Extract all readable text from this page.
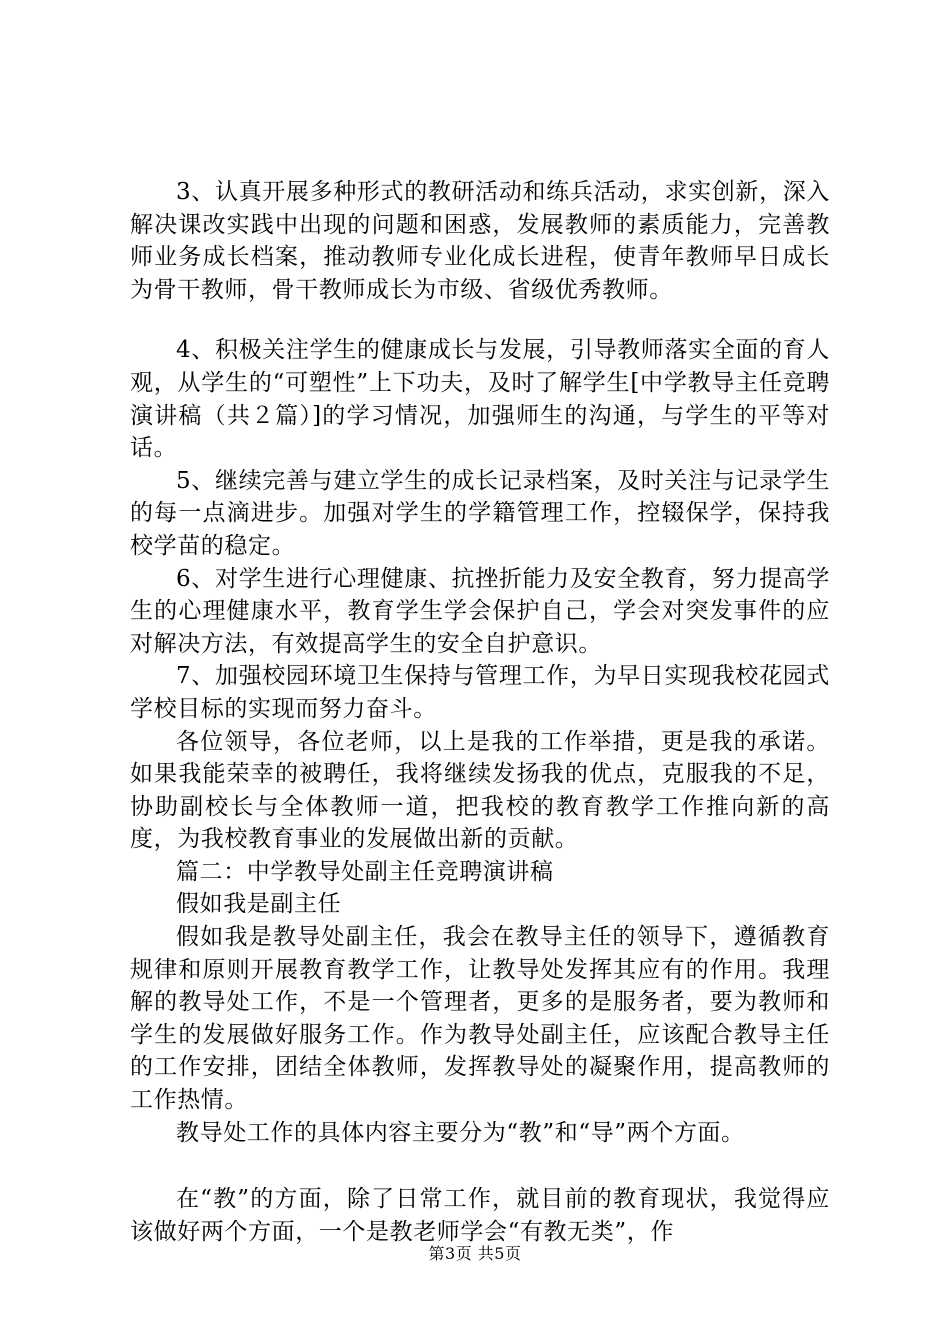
3、认真开展多种形式的教研活动和练兵活动，求实创新，深入解决课改实践中出现的问题和困惑，发展教师的素质能力，完善教师业务成长档案，推动教师专业化成长进程，使青年教师早日成长为骨干教师，骨干教师成长为市级、省级优秀教师。

4、积极关注学生的健康成长与发展，引导教师落实全面的育人观，从学生的“可塑性”上下功夫，及时了解学生[中学教导主任竞聘演讲稿（共２篇）]的学习情况，加强师生的沟通，与学生的平等对话。

5、继续完善与建立学生的成长记录档案，及时关注与记录学生的每一点滴进步。加强对学生的学籍管理工作，控辍保学，保持我校学苗的稳定。

6、对学生进行心理健康、抗挫折能力及安全教育，努力提高学生的心理健康水平，教育学生学会保护自己，学会对突发事件的应对解决方法，有效提高学生的安全自护意识。

7、加强校园环境卫生保持与管理工作，为早日实现我校花园式学校目标的实现而努力奋斗。

各位领导，各位老师，以上是我的工作举措，更是我的承诺。如果我能荣幸的被聘任，我将继续发扬我的优点，克服我的不足，协助副校长与全体教师一道，把我校的教育教学工作推向新的高度，为我校教育事业的发展做出新的贡献。

篇二：中学教导处副主任竞聘演讲稿

假如我是副主任

假如我是教导处副主任，我会在教导主任的领导下，遵循教育规律和原则开展教育教学工作，让教导处发挥其应有的作用。我理解的教导处工作，不是一个管理者，更多的是服务者，要为教师和学生的发展做好服务工作。作为教导处副主任，应该配合教导主任的工作安排，团结全体教师，发挥教导处的凝聚作用，提高教师的工作热情。

教导处工作的具体内容主要分为“教”和“导”两个方面。

在“教”的方面，除了日常工作，就目前的教育现状，我觉得应该做好两个方面，一个是教老师学会“有教无类”，作

第3页 共5页
